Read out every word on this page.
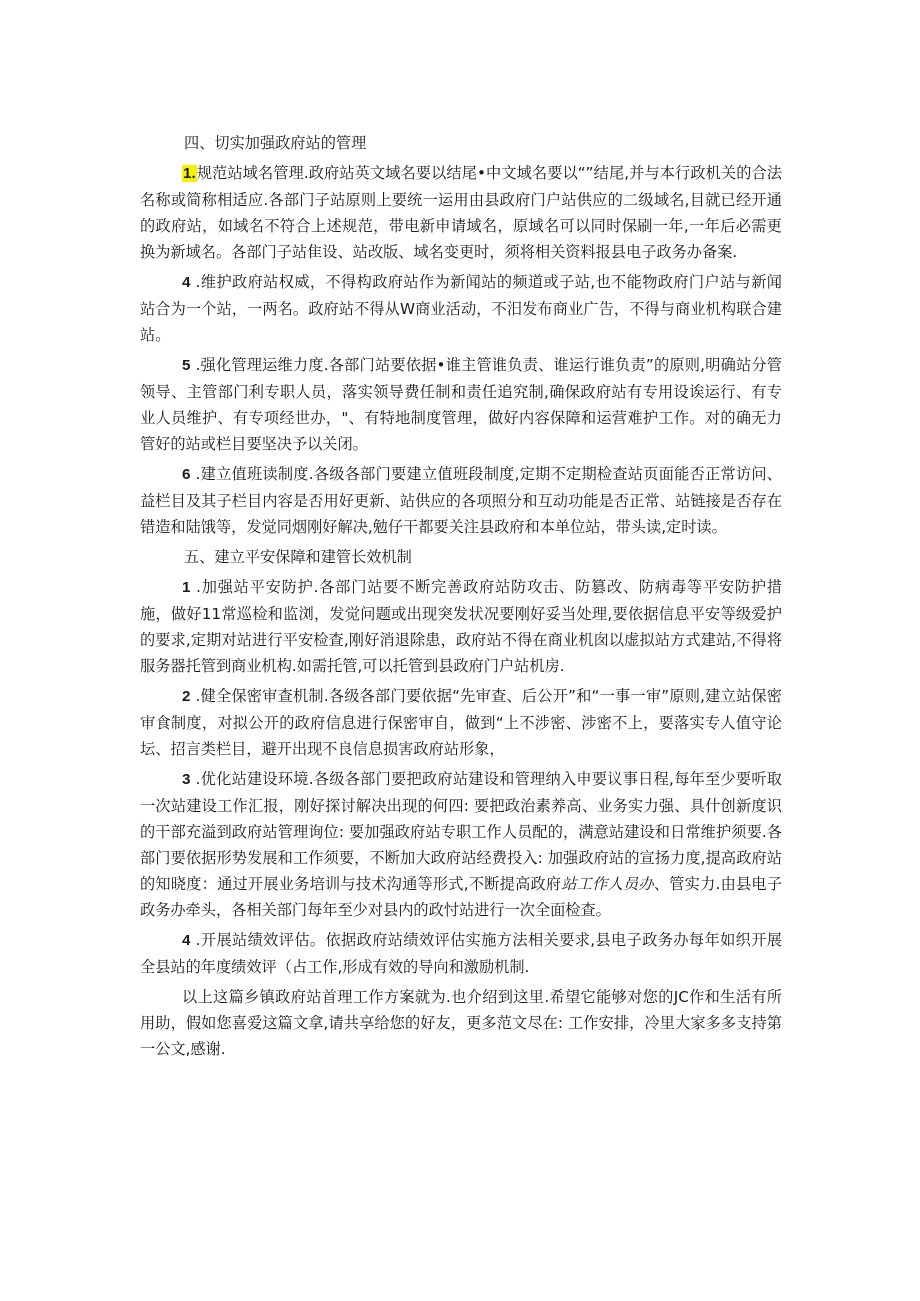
四、切实加强政府站的管理

1.规范站域名管理.政府站英文域名要以结尾•中文域名要以“”结尾,并与本行政机关的合法名称或简称相适应.各部门子站原则上要统一运用由县政府门户站供应的二级域名,目就已经开通的政府站，如域名不符合上述规范，带电新申请域名，原域名可以同时保刷一年,一年后必需更换为新域名。各部门子站隹设、站改版、域名变更时，须将相关资料报县电子政务办备案.

4 .维护政府站权威，不得构政府站作为新闻站的频道或子站,也不能物政府门户站与新闻站合为一个站，一两名。政府站不得从W商业活动，不汨发布商业广告，不得与商业机构联合建站。

5 .强化管理运维力度.各部门站要依据•谁主管谁负责、谁运行谁负责”的原则,明确站分管领导、主管部门利专职人员，落实领导费任制和责任追究制,确保政府站有专用设诶运行、有专业人员维护、有专项经世办，"、有特地制度管理，做好内容保障和运营难护工作。对的确无力管好的站或栏目要坚决予以关闭。

6 .建立值班读制度.各级各部门要建立值班段制度,定期不定期检查站页面能否正常访问、益栏目及其子栏目内容是否用好更新、站供应的各项照分和互动功能是否正常、站链接是否存在错造和陆饿等，发觉同烟刚好解决,勉仔干都要关注县政府和本单位站，带头读,定时读。

五、建立平安保障和建管长效机制

1 .加强站平安防护.各部门站要不断完善政府站防攻击、防篡改、防病毒等平安防护措施，做好11常巡检和监浏，发觉问题或出现突发状况要刚好妥当处理,要依据信息平安等级爱护的要求,定期对站进行平安检查,刚好消退除患，政府站不得在商业机囱以虚拟站方式建站,不得将服务器托管到商业机构.如需托管,可以托管到县政府门户站机房.

2 .健全保密审查机制.各级各部门要依据“先审查、后公开”和“一事一审”原则,建立站保密审食制度，对拟公开的政府信息进行保密审自，做到“上不涉密、涉密不上，要落实专人值守论坛、招言类栏目，避开出现不良信息损害政府站形象，

3 .优化站建设环境.各级各部门要把政府站建设和管理纳入申要议事日程,每年至少要听取一次站建设工作汇报，刚好探讨解决出现的何四: 要把政治素养高、业务实力强、具什创新度识的干部充溢到政府站管理询位: 要加强政府站专职工作人员配的，满意站建设和日常维护须要.各部门要依据形势发展和工作须要，不断加大政府站经费投入: 加强政府站的宣扬力度,提高政府站的知晓度：通过开展业务培训与技术沟通等形式,不断提高政府站工作人员办、管实力.由县电子政务办牵头，各相关部门每年至少对县内的政忖站进行一次全面检查。

4 .开展站绩效评估。依据政府站绩效评估实施方法相关要求,县电子政务办每年如织开展全县站的年度绩效评（占工作,形成有效的导向和激励机制.

以上这篇乡镇政府站首理工作方案就为.也介绍到这里.希望它能够对您的JC作和生活有所用助，假如您喜爱这篇文拿,请共享给您的好友，更多范文尽在: 工作安排，冷里大家多多支持第一公文,感谢.
